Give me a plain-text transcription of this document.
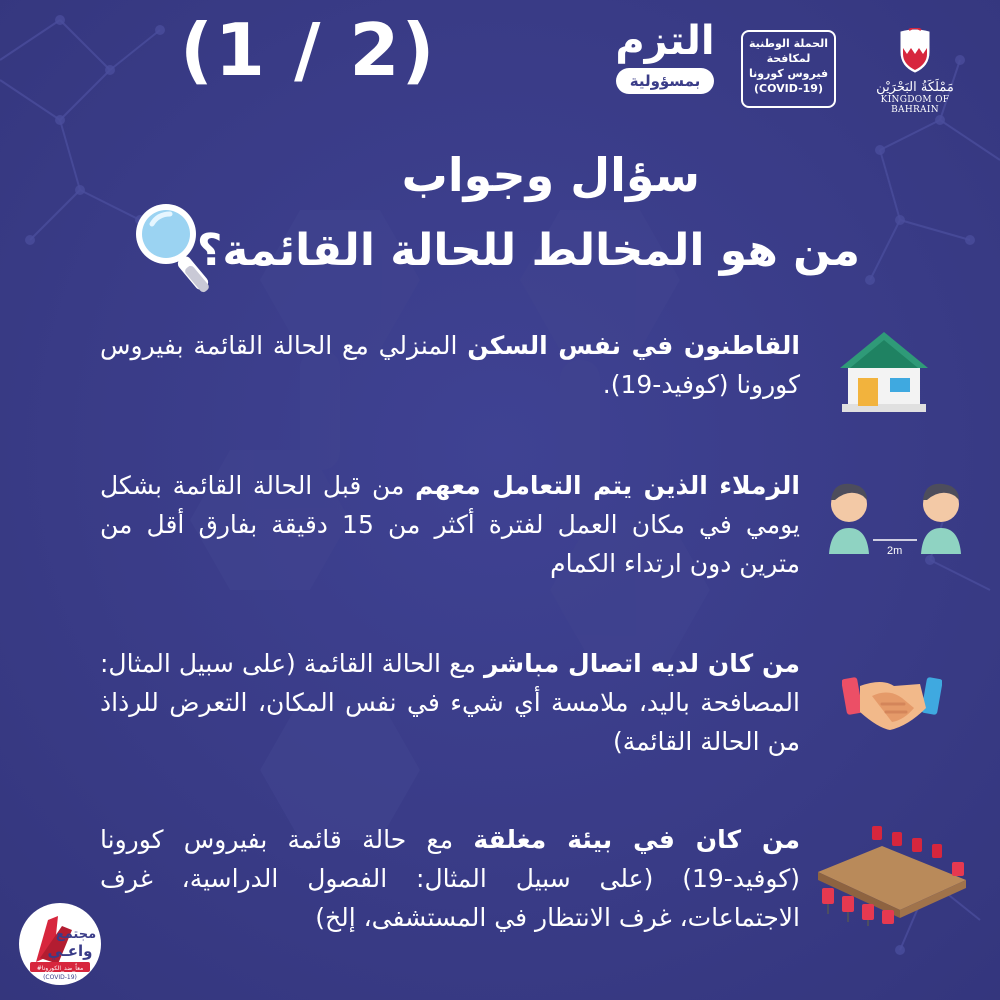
(1 / 2)	التزم
بمسؤولية
الحملة الوطنية
لمكافحة
فيروس كورونا
(COVID-19)	مَمْلَكَةُ البَحْرَيْن
KINGDOM OF BAHRAIN
سؤال وجواب
من هو المخالط للحالة القائمة؟
القاطنون في نفس السكن المنزلي مع الحالة القائمة بفيروس كورونا (كوفيد-19).
الزملاء الذين يتم التعامل معهم من قبل الحالة القائمة بشكل يومي في مكان العمل لفترة أكثر من 15 دقيقة بفارق أقل من مترين دون ارتداء الكمام	2m
من كان لديه اتصال مباشر مع الحالة القائمة (على سبيل المثال: المصافحة باليد، ملامسة أي شيء في نفس المكان، التعرض للرذاذ من الحالة القائمة)
من كان في بيئة مغلقة مع حالة قائمة بفيروس كورونا (كوفيد-19) (على سبيل المثال: الفصول الدراسية، غرف الاجتماعات، غرف الانتظار في المستشفى، إلخ)
مجتمع
واعـي
#معاً_ضد_الكورونا
(COVID-19)
